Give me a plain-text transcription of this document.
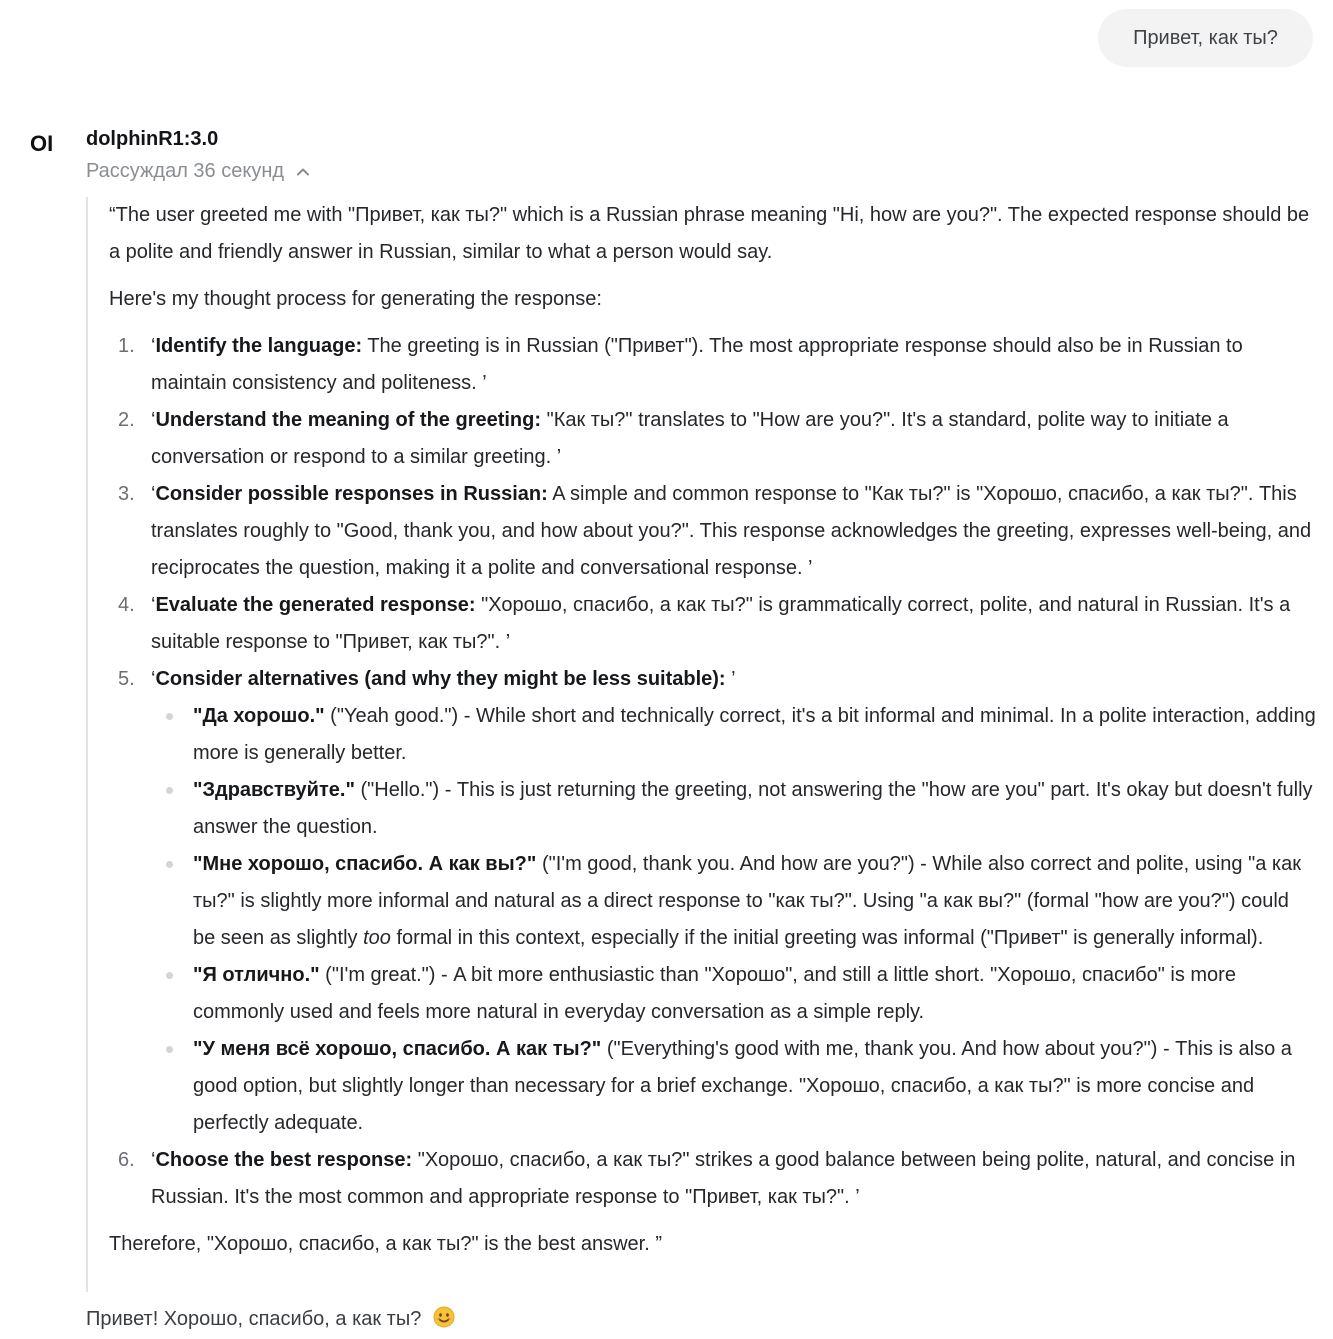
Привет, как ты?
OI dolphinR1:3.0
Рассуждал 36 секунд

“The user greeted me with "Привет, как ты?" which is a Russian phrase meaning "Hi, how are you?". The expected response should be a polite and friendly answer in Russian, similar to what a person would say.

Here's my thought process for generating the response:

1. ‘Identify the language: The greeting is in Russian ("Привет"). The most appropriate response should also be in Russian to maintain consistency and politeness. ’
2. ‘Understand the meaning of the greeting: "Как ты?" translates to "How are you?". It's a standard, polite way to initiate a conversation or respond to a similar greeting. ’
3. ‘Consider possible responses in Russian: A simple and common response to "Как ты?" is "Хорошо, спасибо, а как ты?". This translates roughly to "Good, thank you, and how about you?". This response acknowledges the greeting, expresses well-being, and reciprocates the question, making it a polite and conversational response. ’
4. ‘Evaluate the generated response: "Хорошо, спасибо, а как ты?" is grammatically correct, polite, and natural in Russian. It's a suitable response to "Привет, как ты?". ’
5. ‘Consider alternatives (and why they might be less suitable): ’
"Да хорошо." ("Yeah good.") - While short and technically correct, it's a bit informal and minimal. In a polite interaction, adding more is generally better.
"Здравствуйте." ("Hello.") - This is just returning the greeting, not answering the "how are you" part. It's okay but doesn't fully answer the question.
"Мне хорошо, спасибо. А как вы?" ("I'm good, thank you. And how are you?") - While also correct and polite, using "а как ты?" is slightly more informal and natural as a direct response to "как ты?". Using "а как вы?" (formal "how are you?") could be seen as slightly too formal in this context, especially if the initial greeting was informal ("Привет" is generally informal).
"Я отлично." ("I'm great.") - A bit more enthusiastic than "Хорошо", and still a little short. "Хорошо, спасибо" is more commonly used and feels more natural in everyday conversation as a simple reply.
"У меня всё хорошо, спасибо. А как ты?" ("Everything's good with me, thank you. And how about you?") - This is also a good option, but slightly longer than necessary for a brief exchange. "Хорошо, спасибо, а как ты?" is more concise and perfectly adequate.
6. ‘Choose the best response: "Хорошо, спасибо, а как ты?" strikes a good balance between being polite, natural, and concise in Russian. It's the most common and appropriate response to "Привет, как ты?". ’

Therefore, "Хорошо, спасибо, а как ты?" is the best answer. ”

Привет! Хорошо, спасибо, а как ты?
